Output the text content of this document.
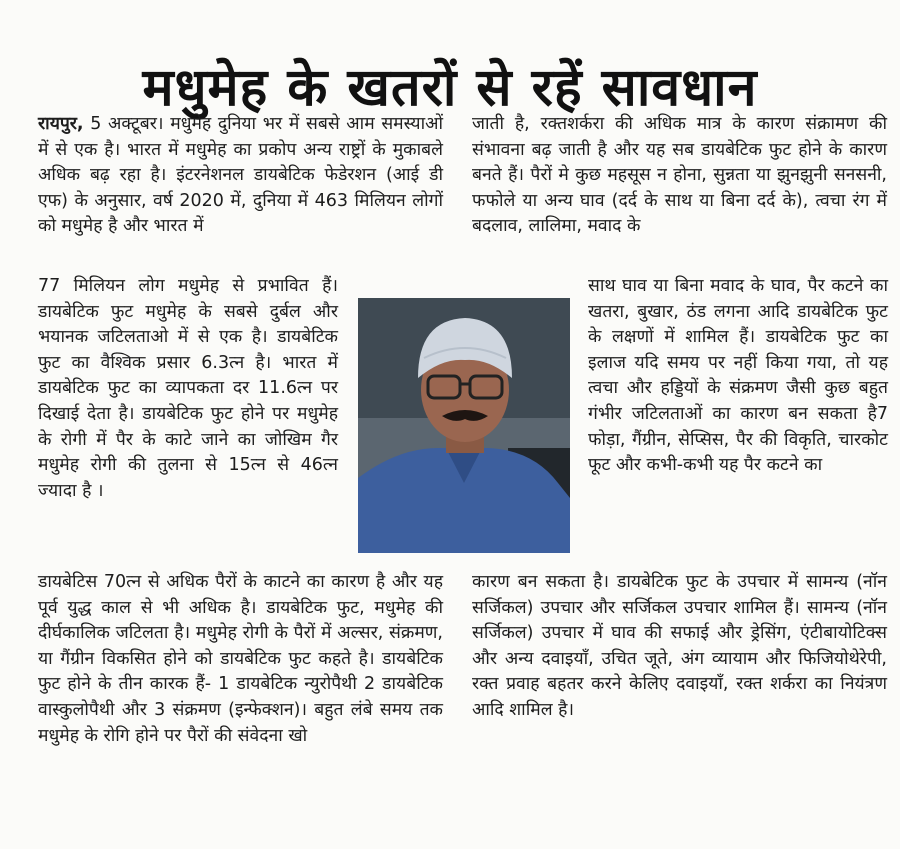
मधुमेह के खतरों से रहें सावधान

रायपुर, 5 अक्टूबर। मधुमेह दुनिया भर में सबसे आम समस्याओं में से एक है। भारत में मधुमेह का प्रकोप अन्य राष्ट्रों के मुकाबले अधिक बढ़ रहा है। इंटरनेशनल डायबेटिक फेडेरशन (आई डी एफ) के अनुसार, वर्ष 2020 में, दुनिया में 463 मिलियन लोगों को मधुमेह है और भारत में

77 मिलियन लोग मधुमेह से प्रभावित हैं। डायबेटिक फुट मधुमेह के सबसे दुर्बल और भयानक जटिलताओ में से एक है। डायबेटिक फुट का वैश्विक प्रसार 6.3त्न है। भारत में डायबेटिक फुट का व्यापकता दर 11.6त्न पर दिखाई देता है। डायबेटिक फुट होने पर मधुमेह के रोगी में पैर के काटे जाने का जोखिम गैर मधुमेह रोगी की तुलना से 15त्न से 46त्न ज्यादा है ।

डायबेटिस 70त्न से अधिक पैरों के काटने का कारण है और यह पूर्व युद्ध काल से भी अधिक है। डायबेटिक फुट, मधुमेह की दीर्घकालिक जटिलता है। मधुमेह रोगी के पैरों में अल्सर, संक्रमण, या गैंग्रीन विकसित होने को डायबेटिक फुट कहते है। डायबेटिक फुट होने के तीन कारक हैं- 1 डायबेटिक न्युरोपैथी 2 डायबेटिक वास्कुलोपैथी और 3 संक्रमण (इन्फेक्शन)। बहुत लंबे समय तक मधुमेह के रोगि होने पर पैरों की संवेदना खो

जाती है, रक्तशर्करा की अधिक मात्र के कारण संक्रामण की संभावना बढ़ जाती है और यह सब डायबेटिक फुट होने के कारण बनते हैं। पैरों मे कुछ महसूस न होना, सुन्नता या झुनझुनी सनसनी, फफोले या अन्य घाव (दर्द के साथ या बिना दर्द के), त्वचा रंग में बदलाव, लालिमा, मवाद के

साथ घाव या बिना मवाद के घाव, पैर कटने का खतरा, बुखार, ठंड लगना आदि डायबेटिक फुट के लक्षणों में शामिल हैं। डायबेटिक फुट का इलाज यदि समय पर नहीं किया गया, तो यह त्वचा और हड्डियों के संक्रमण जैसी कुछ बहुत गंभीर जटिलताओं का कारण बन सकता है7 फोड़ा, गैंग्रीन, सेप्सिस, पैर की विकृति, चारकोट फूट और कभी-कभी यह पैर कटने का

कारण बन सकता है। डायबेटिक फुट के उपचार में सामन्य (नॉन सर्जिकल) उपचार और सर्जिकल उपचार शामिल हैं। सामन्य (नॉन सर्जिकल) उपचार में घाव की सफाई और ड्रेसिंग, एंटीबायोटिक्स और अन्य दवाइयाँ, उचित जूते, अंग व्यायाम और फिजियोथेरेपी, रक्त प्रवाह बहतर करने केलिए दवाइयाँ, रक्त शर्करा का नियंत्रण आदि शामिल है।
